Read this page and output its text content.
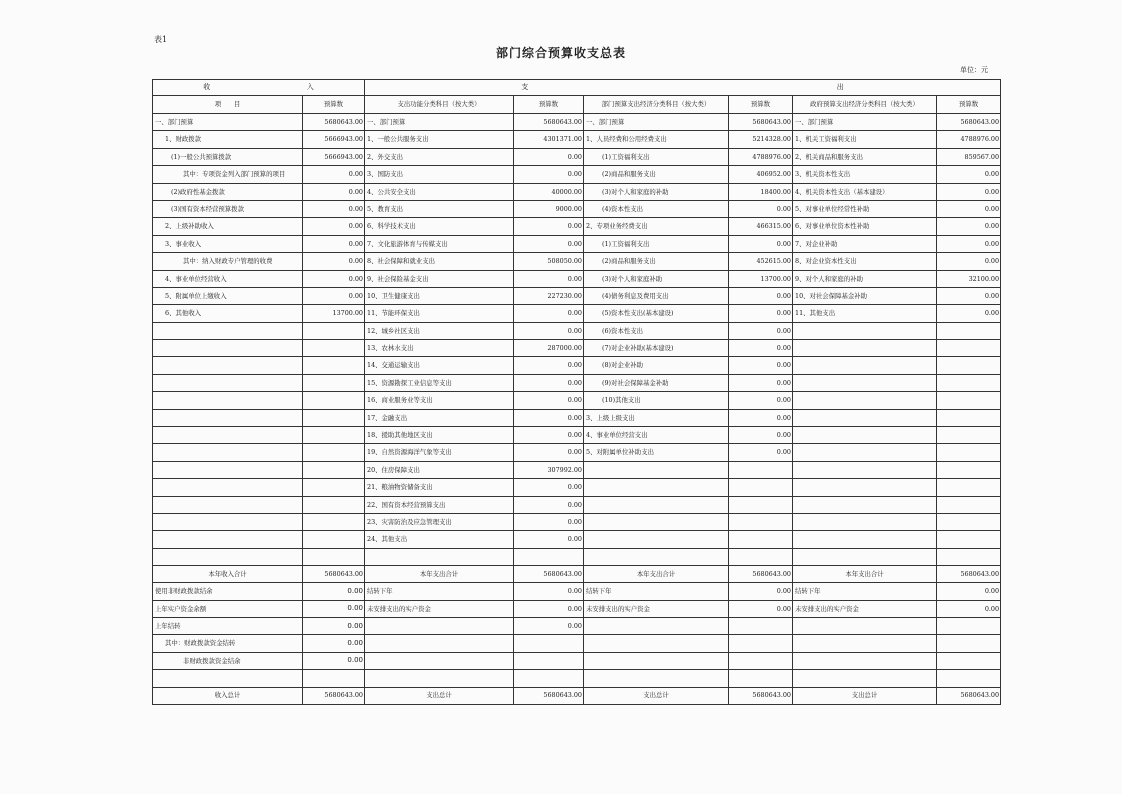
表1
部门综合预算收支总表
单位：元
收 入		支 出					

项　　目	预算数	支出功能分类科目（按大类）	预算数	部门预算支出经济分类科目（按大类）	预算数	政府预算支出经济分类科目（按大类）	预算数
一、部门预算	5680643.00	一、部门预算	5680643.00	一、部门预算	5680643.00	一、部门预算	5680643.00
1、财政拨款	5666943.00	1、一般公共服务支出	4301371.00	1、人员经费和公用经费支出	5214328.00	1、机关工资福利支出	4788976.00
(1)一般公共预算拨款	5666943.00	2、外交支出	0.00	(1)工资福利支出	4788976.00	2、机关商品和服务支出	859567.00
其中：专项资金列入部门预算的项目	0.00	3、国防支出	0.00	(2)商品和服务支出	406952.00	3、机关资本性支出	0.00
(2)政府性基金拨款	0.00	4、公共安全支出	40000.00	(3)对个人和家庭的补助	18400.00	4、机关资本性支出（基本建设）	0.00
(3)国有资本经营预算拨款	0.00	5、教育支出	9000.00	(4)资本性支出	0.00	5、对事业单位经常性补助	0.00
2、上级补助收入	0.00	6、科学技术支出	0.00	2、专项业务经费支出	466315.00	6、对事业单位资本性补助	0.00
3、事业收入	0.00	7、文化旅游体育与传媒支出	0.00	(1)工资福利支出	0.00	7、对企业补助	0.00
其中：纳入财政专户管理的收费	0.00	8、社会保障和就业支出	508050.00	(2)商品和服务支出	452615.00	8、对企业资本性支出	0.00
4、事业单位经营收入	0.00	9、社会保险基金支出	0.00	(3)对个人和家庭补助	13700.00	9、对个人和家庭的补助	32100.00
5、附属单位上缴收入	0.00	10、卫生健康支出	227230.00	(4)债务利息及费用支出	0.00	10、对社会保障基金补助	0.00
6、其他收入	13700.00	11、节能环保支出	0.00	(5)资本性支出(基本建设)	0.00	11、其他支出	0.00
		12、城乡社区支出	0.00	(6)资本性支出	0.00		
		13、农林水支出	287000.00	(7)对企业补助(基本建设)	0.00		
		14、交通运输支出	0.00	(8)对企业补助	0.00		
		15、资源勘探工业信息等支出	0.00	(9)对社会保障基金补助	0.00		
		16、商业服务业等支出	0.00	(10)其他支出	0.00		
		17、金融支出	0.00	3、上级上级支出	0.00		
		18、援助其他地区支出	0.00	4、事业单位经营支出	0.00		
		19、自然资源海洋气象等支出	0.00	5、对附属单位补助支出	0.00		
		20、住房保障支出	307992.00				
		21、粮油物资储备支出	0.00				
		22、国有资本经营预算支出	0.00				
		23、灾害防治及应急管理支出	0.00				
		24、其他支出	0.00				

本年收入合计	5680643.00	本年支出合计	5680643.00	本年支出合计	5680643.00	本年支出合计	5680643.00
使用非财政拨款结余	0.00	结转下年	0.00	结转下年	0.00	结转下年	0.00
上年实户资金余额	0.00	未安排支出的实户资金	0.00	未安排支出的实户资金	0.00	未安排支出的实户资金	0.00
上年结转	0.00		0.00				
其中：财政拨款资金结转	0.00						
非财政拨款资金结余	0.00						

收入总计	5680643.00	支出总计	5680643.00	支出总计	5680643.00	支出总计	5680643.00
